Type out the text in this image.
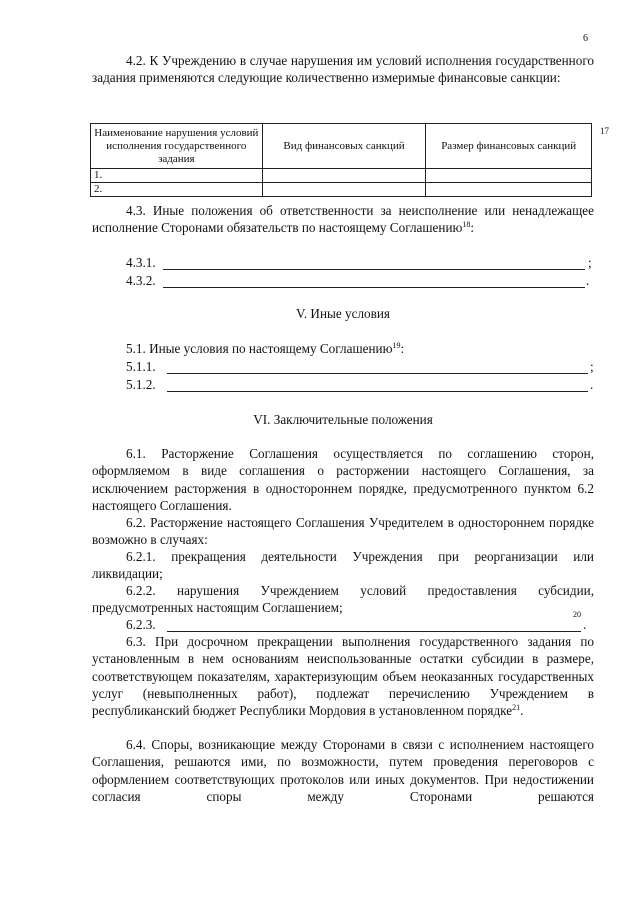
6

4.2. К Учреждению в случае нарушения им условий исполнения государственного задания применяются следующие количественно измеримые финансовые санкции:

Наименование нарушения условий исполнения государственного задания	Вид финансовых санкций	Размер финансовых санкций
1.		
2.		
17

4.3. Иные положения об ответственности за неисполнение или ненадлежащее исполнение Сторонами обязательств по настоящему Соглашению$^{18}$:

4.3.1.	;
4.3.2.	.
V. Иные условия

5.1. Иные условия по настоящему Соглашению$^{19}$:

5.1.1.	;
5.1.2.	.
VI. Заключительные положения

6.1. Расторжение Соглашения осуществляется по соглашению сторон, оформляемом в виде соглашения о расторжении настоящего Соглашения, за исключением расторжения в одностороннем порядке, предусмотренного пунктом 6.2 настоящего Соглашения.

6.2. Расторжение настоящего Соглашения Учредителем в одностороннем порядке возможно в случаях:

6.2.1. прекращения деятельности Учреждения при реорганизации или ликвидации;

6.2.2. нарушения Учреждением условий предоставления субсидии, предусмотренных настоящим Соглашением;

6.2.3.
20
.

6.3. При досрочном прекращении выполнения государственного задания по установленным в нем основаниям неиспользованные остатки субсидии в размере, соответствующем показателям, характеризующим объем неоказанных государственных услуг (невыполненных работ), подлежат перечислению Учреждением в республиканский бюджет Республики Мордовия в установленном порядке$^{21}$.

6.4. Споры, возникающие между Сторонами в связи с исполнением настоящего Соглашения, решаются ими, по возможности, путем проведения переговоров с оформлением соответствующих протоколов или иных документов. При недостижении согласия споры между Сторонами решаются
